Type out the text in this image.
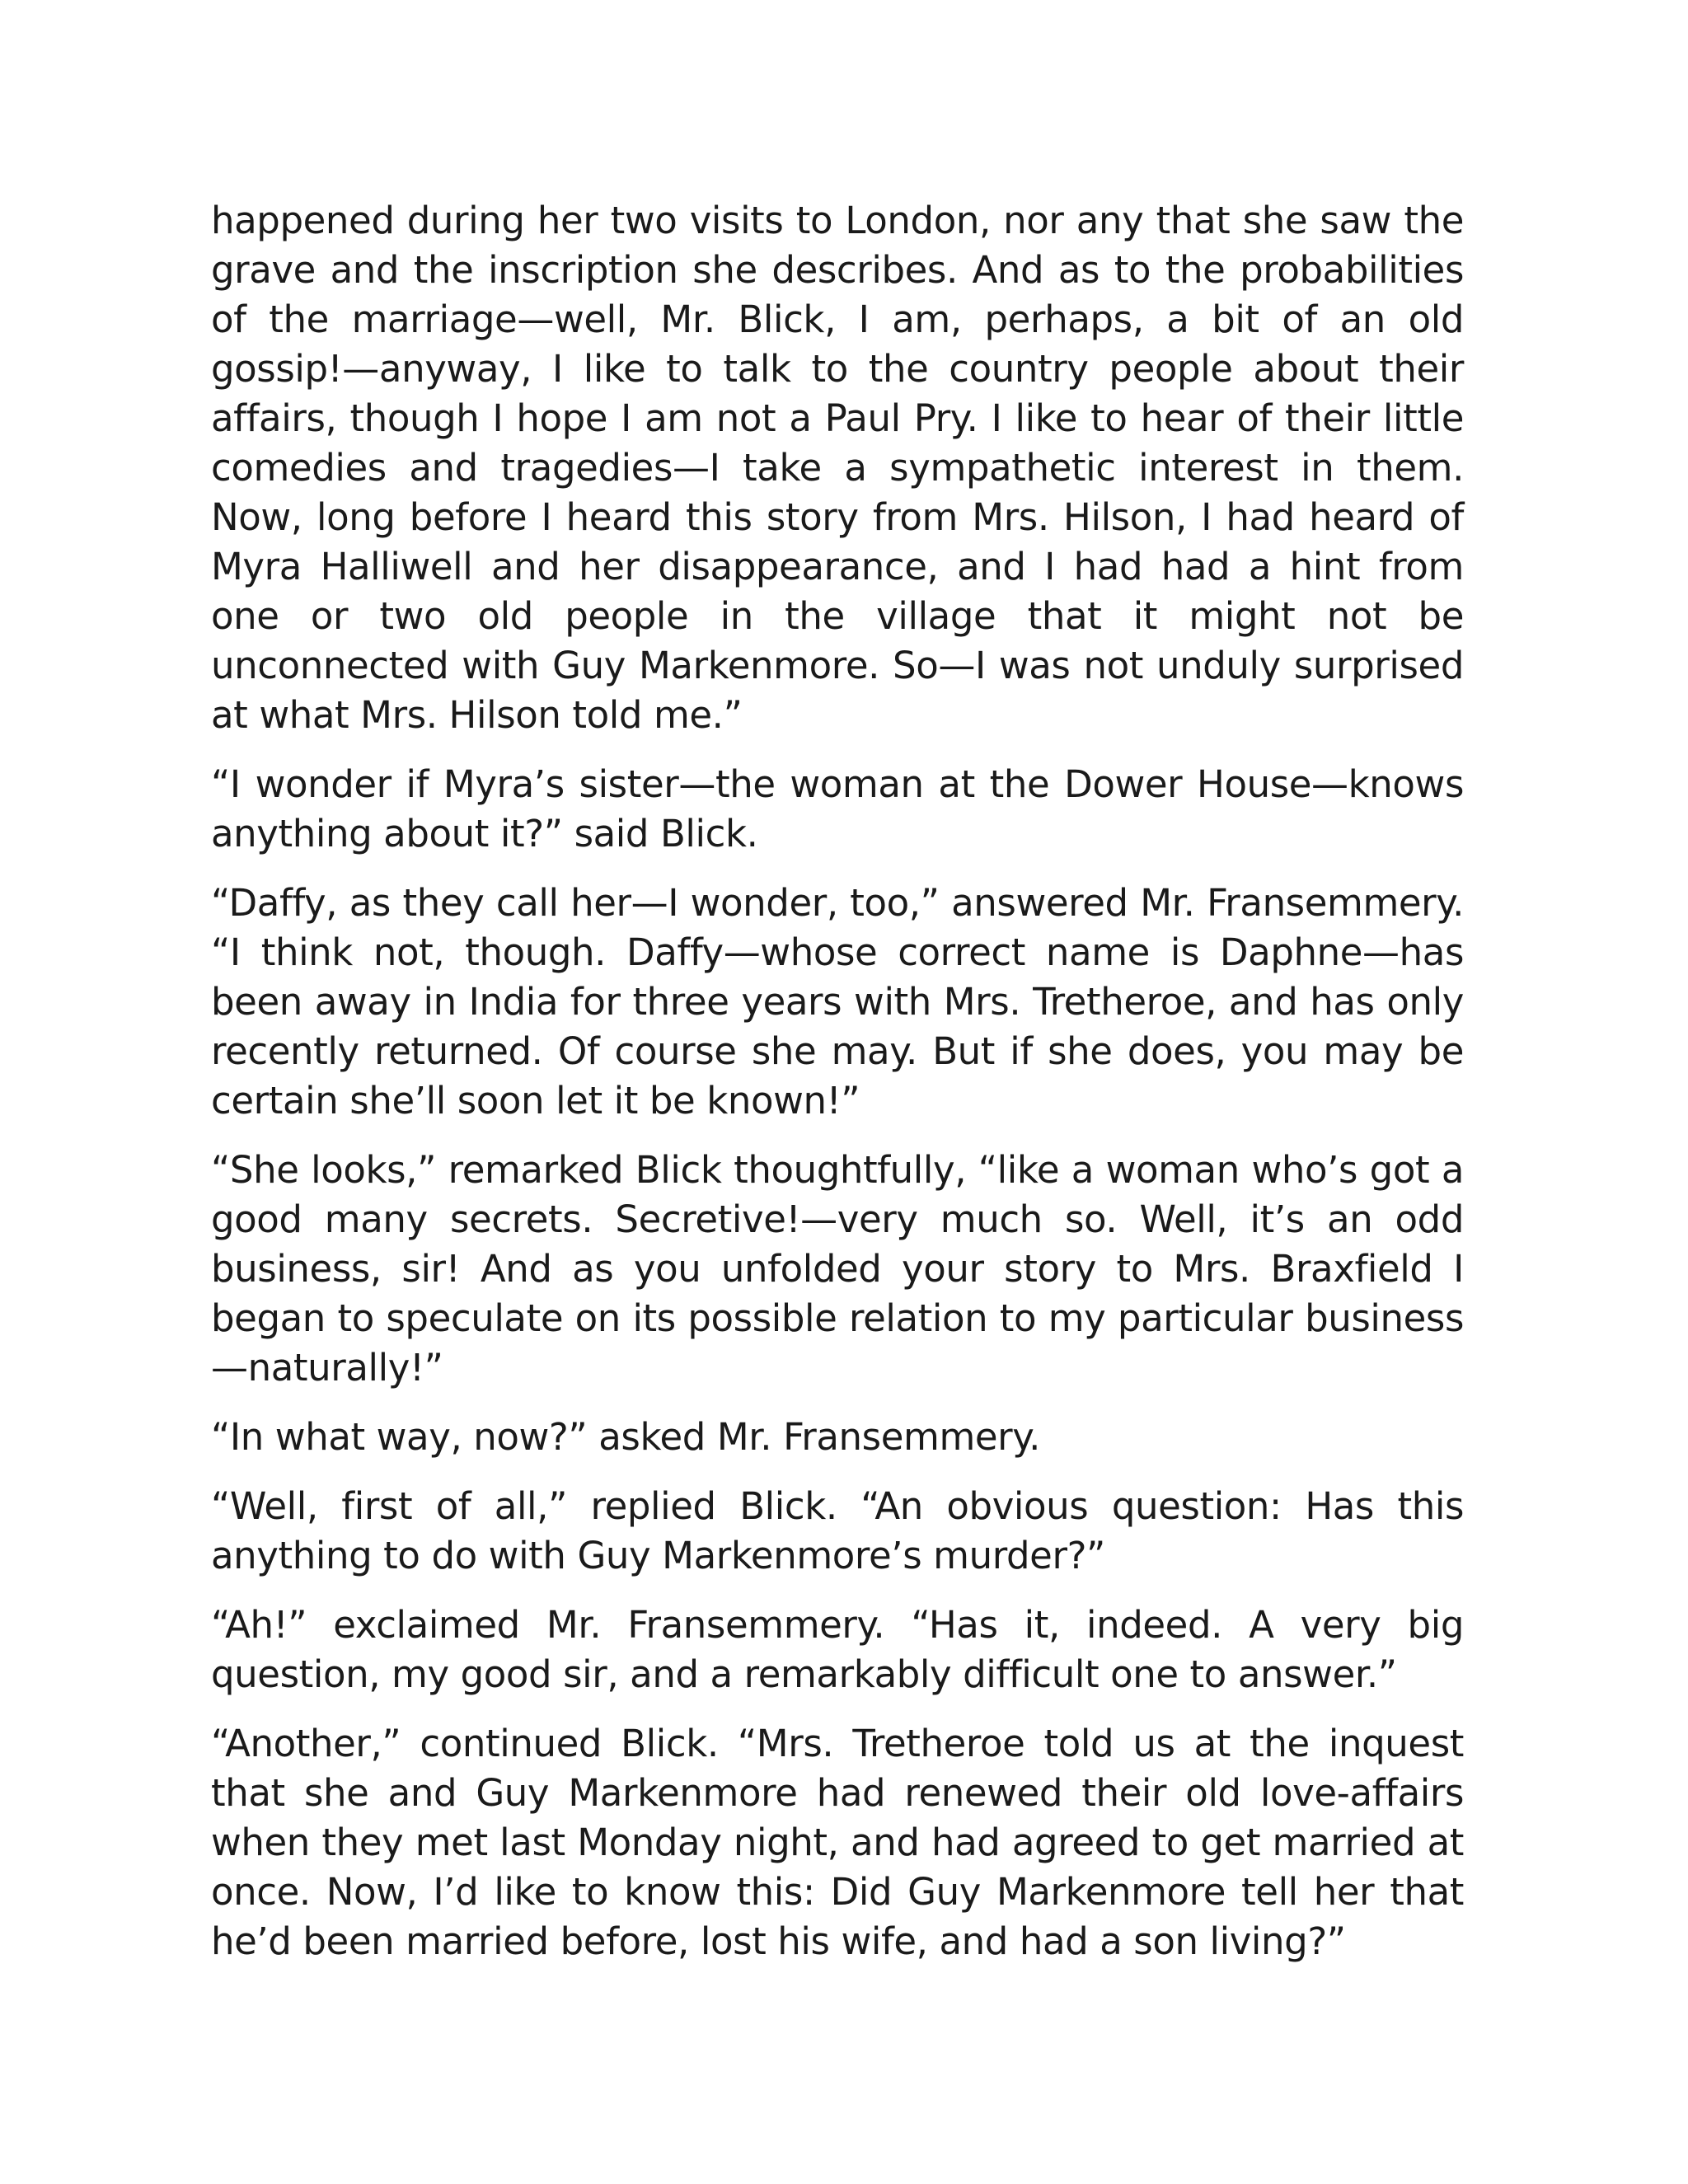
happened during her two visits to London, nor any that she saw the grave and the inscription she describes. And as to the probabilities of the marriage—well, Mr. Blick, I am, perhaps, a bit of an old gossip!—anyway, I like to talk to the country people about their affairs, though I hope I am not a Paul Pry. I like to hear of their little comedies and tragedies—I take a sympathetic interest in them. Now, long before I heard this story from Mrs. Hilson, I had heard of Myra Halliwell and her disappearance, and I had had a hint from one or two old people in the village that it might not be unconnected with Guy Markenmore. So—I was not unduly surprised at what Mrs. Hilson told me.”

“I wonder if Myra’s sister—the woman at the Dower House—knows anything about it?” said Blick.

“Daffy, as they call her—I wonder, too,” answered Mr. Fransemmery. “I think not, though. Daffy—whose correct name is Daphne—has been away in India for three years with Mrs. Tretheroe, and has only recently returned. Of course she may. But if she does, you may be certain she’ll soon let it be known!”

“She looks,” remarked Blick thoughtfully, “like a woman who’s got a good many secrets. Secretive!—very much so. Well, it’s an odd business, sir! And as you unfolded your story to Mrs. Braxfield I began to speculate on its possible relation to my particular business —naturally!”

“In what way, now?” asked Mr. Fransemmery.

“Well, first of all,” replied Blick. “An obvious question: Has this anything to do with Guy Markenmore’s murder?”

“Ah!” exclaimed Mr. Fransemmery. “Has it, indeed. A very big question, my good sir, and a remarkably difficult one to answer.”

“Another,” continued Blick. “Mrs. Tretheroe told us at the inquest that she and Guy Markenmore had renewed their old love-affairs when they met last Monday night, and had agreed to get married at once. Now, I’d like to know this: Did Guy Markenmore tell her that he’d been married before, lost his wife, and had a son living?”
